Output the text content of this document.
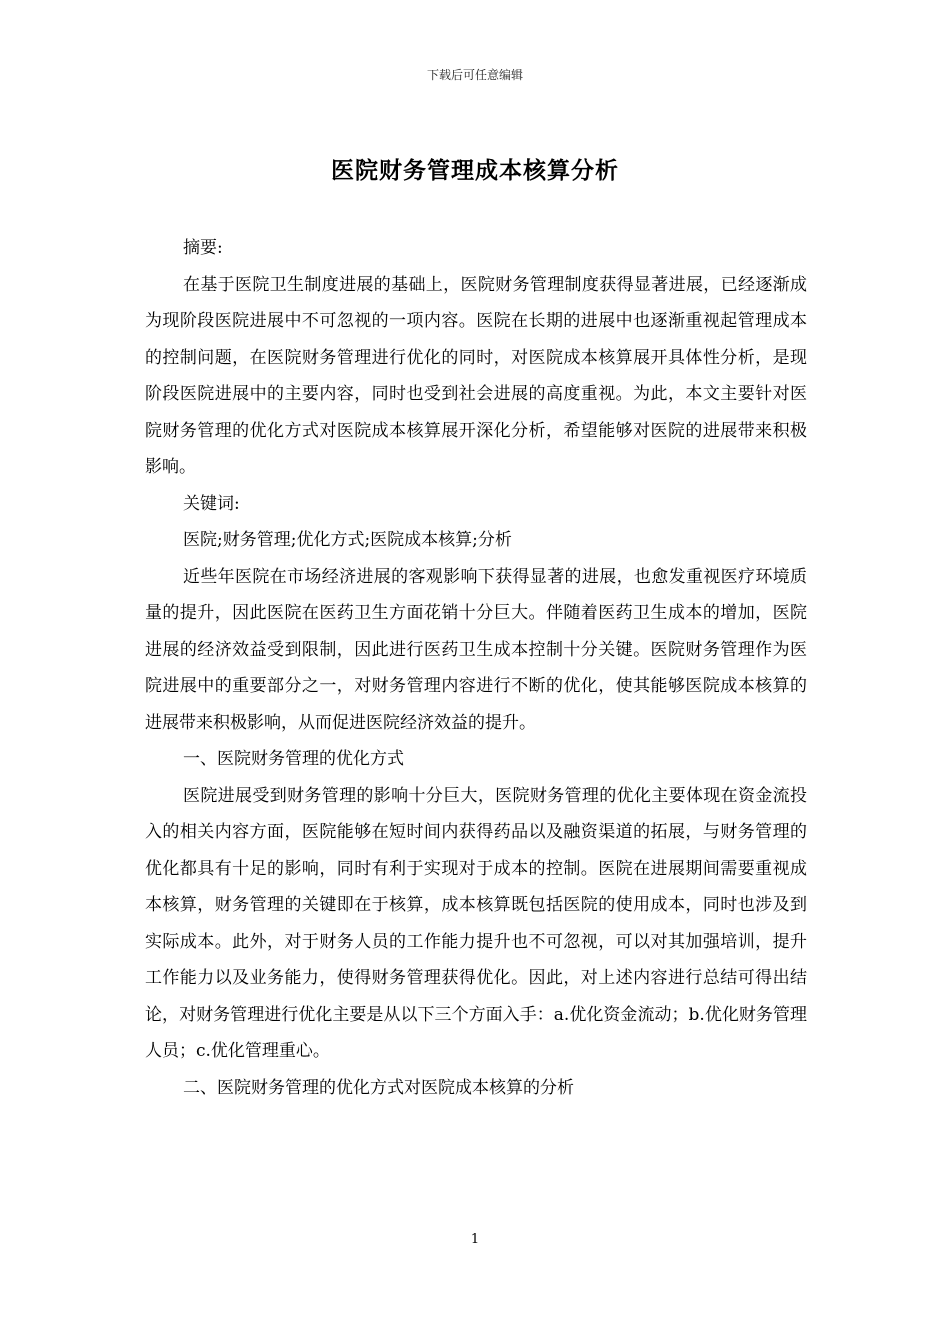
下载后可任意编辑
医院财务管理成本核算分析

摘要:

在基于医院卫生制度进展的基础上，医院财务管理制度获得显著进展，已经逐渐成为现阶段医院进展中不可忽视的一项内容。医院在长期的进展中也逐渐重视起管理成本的控制问题，在医院财务管理进行优化的同时，对医院成本核算展开具体性分析，是现阶段医院进展中的主要内容，同时也受到社会进展的高度重视。为此，本文主要针对医院财务管理的优化方式对医院成本核算展开深化分析，希望能够对医院的进展带来积极影响。

关键词:

医院;财务管理;优化方式;医院成本核算;分析

近些年医院在市场经济进展的客观影响下获得显著的进展，也愈发重视医疗环境质量的提升，因此医院在医药卫生方面花销十分巨大。伴随着医药卫生成本的增加，医院进展的经济效益受到限制，因此进行医药卫生成本控制十分关键。医院财务管理作为医院进展中的重要部分之一，对财务管理内容进行不断的优化，使其能够医院成本核算的进展带来积极影响，从而促进医院经济效益的提升。

一、医院财务管理的优化方式

医院进展受到财务管理的影响十分巨大，医院财务管理的优化主要体现在资金流投入的相关内容方面，医院能够在短时间内获得药品以及融资渠道的拓展，与财务管理的优化都具有十足的影响，同时有利于实现对于成本的控制。医院在进展期间需要重视成本核算，财务管理的关键即在于核算，成本核算既包括医院的使用成本，同时也涉及到实际成本。此外，对于财务人员的工作能力提升也不可忽视，可以对其加强培训，提升工作能力以及业务能力，使得财务管理获得优化。因此，对上述内容进行总结可得出结论，对财务管理进行优化主要是从以下三个方面入手：a.优化资金流动；b.优化财务管理人员；c.优化管理重心。

二、医院财务管理的优化方式对医院成本核算的分析

1
